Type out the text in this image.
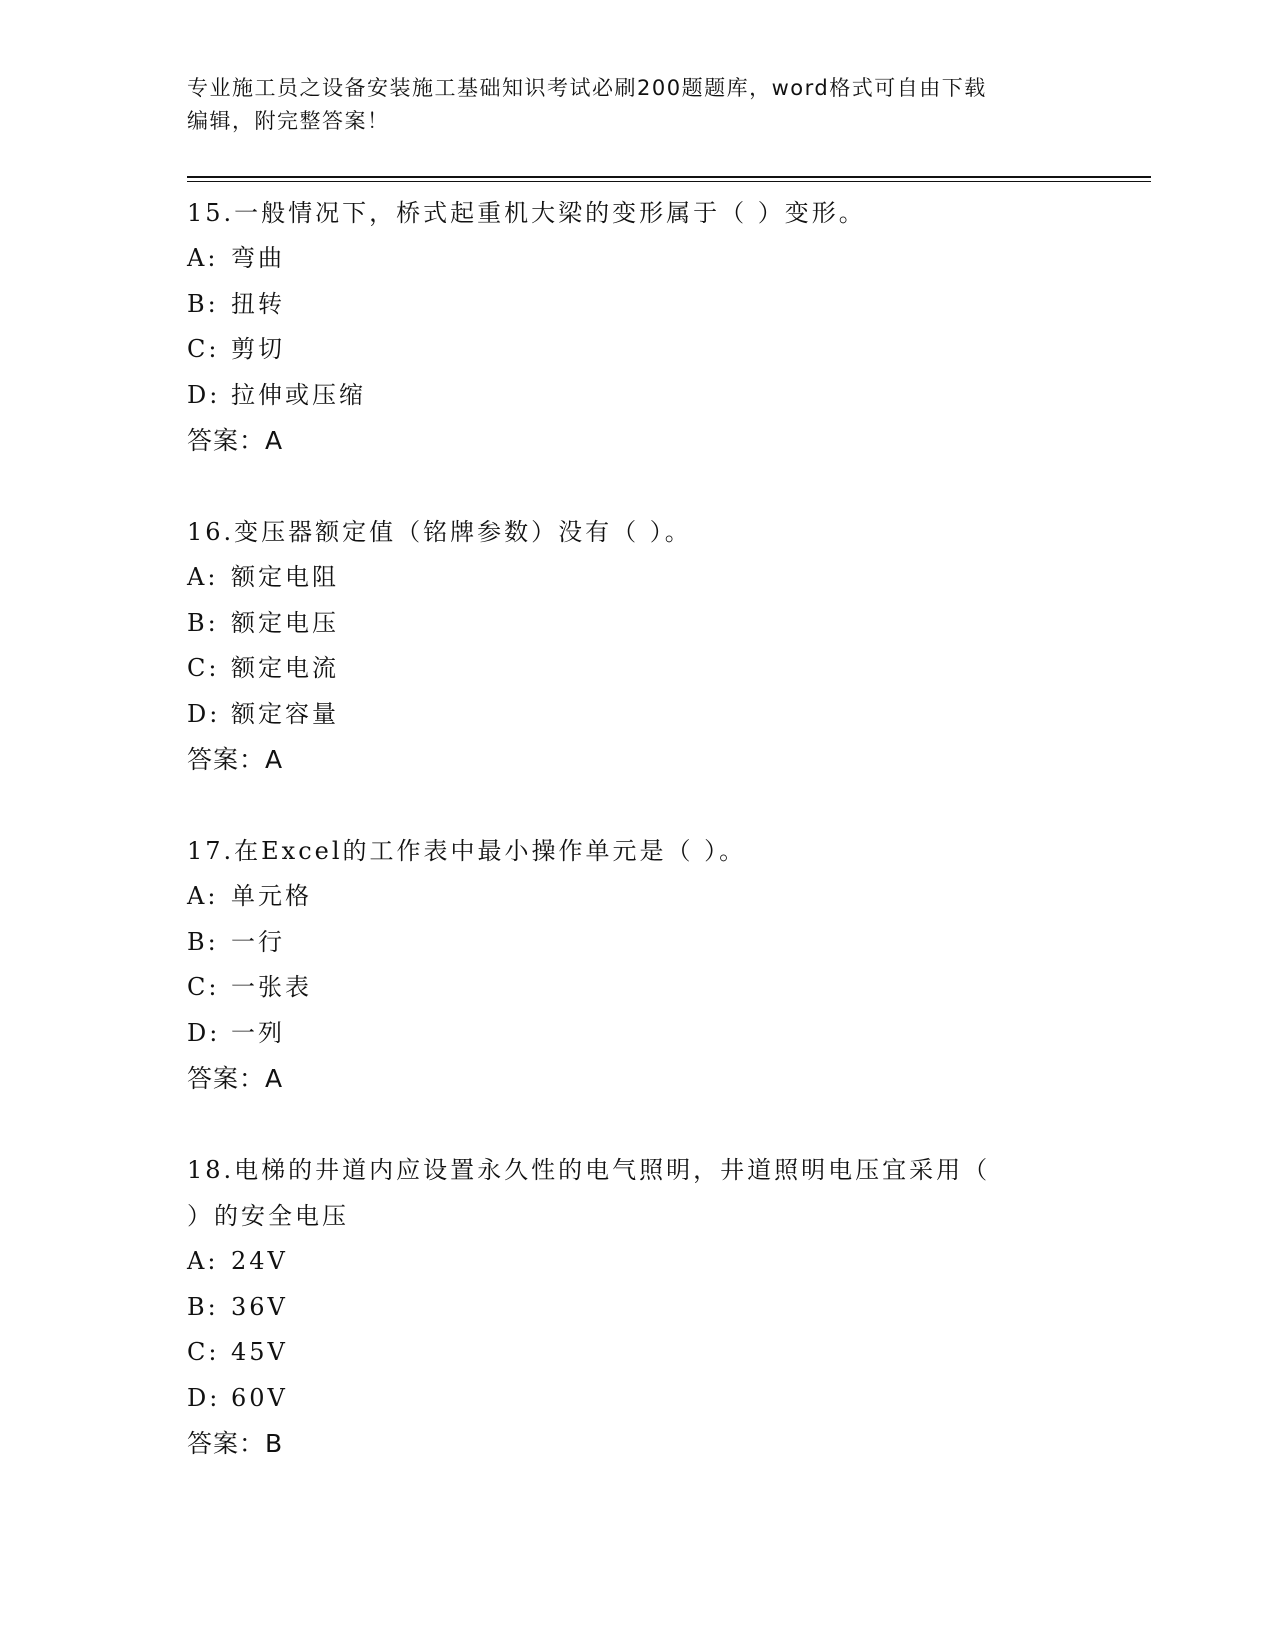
专业施工员之设备安装施工基础知识考试必刷200题题库，word格式可自由下载
编辑，附完整答案！

15.一般情况下，桥式起重机大梁的变形属于（ ）变形。

A: 弯曲

B: 扭转

C: 剪切

D: 拉伸或压缩

答案：A

16.变压器额定值（铭牌参数）没有（ ）。

A: 额定电阻

B: 额定电压

C: 额定电流

D: 额定容量

答案：A

17.在Excel的工作表中最小操作单元是（ ）。

A: 单元格

B: 一行

C: 一张表

D: 一列

答案：A

18.电梯的井道内应设置永久性的电气照明，井道照明电压宜采用（

）的安全电压

A: 24V

B: 36V

C: 45V

D: 60V

答案：B
